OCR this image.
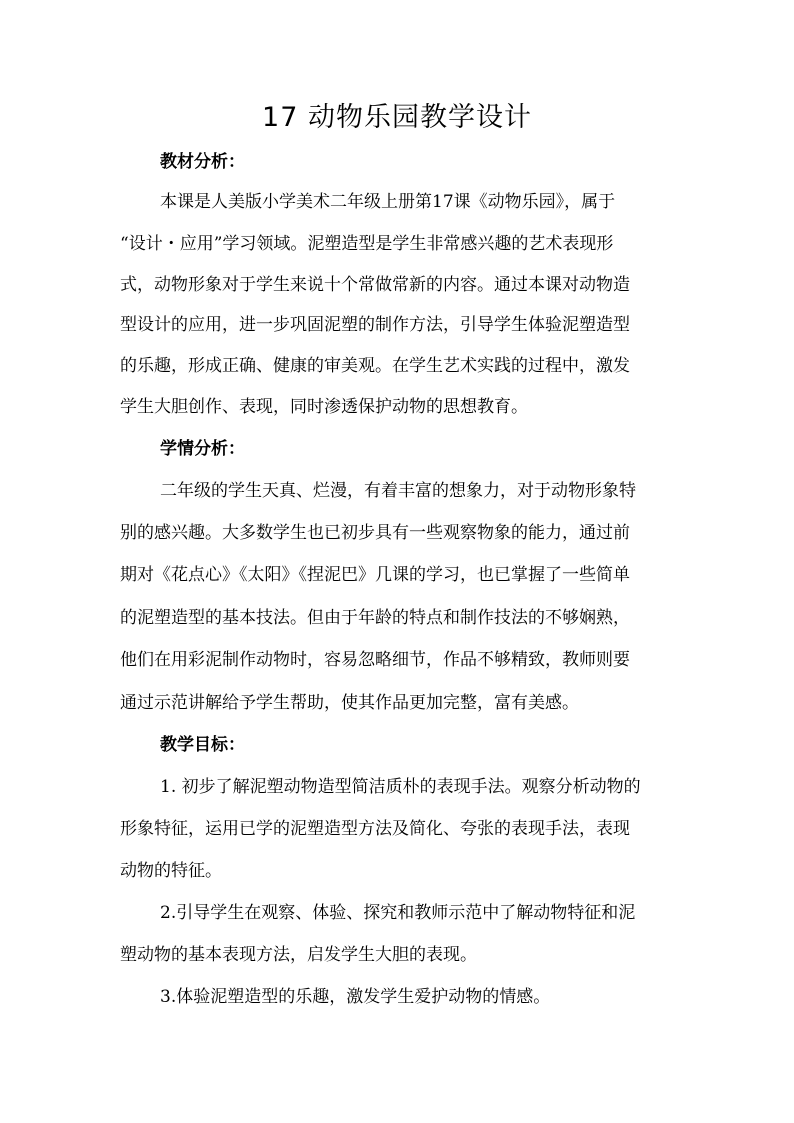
17 动物乐园教学设计
教材分析：
本课是人美版小学美术二年级上册第17课《动物乐园》，属于
“设计・应用”学习领域。泥塑造型是学生非常感兴趣的艺术表现形
式，动物形象对于学生来说十个常做常新的内容。通过本课对动物造
型设计的应用，进一步巩固泥塑的制作方法，引导学生体验泥塑造型
的乐趣，形成正确、健康的审美观。在学生艺术实践的过程中，激发
学生大胆创作、表现，同时渗透保护动物的思想教育。
学情分析：
二年级的学生天真、烂漫，有着丰富的想象力，对于动物形象特
别的感兴趣。大多数学生也已初步具有一些观察物象的能力，通过前
期对《花点心》《太阳》《捏泥巴》几课的学习，也已掌握了一些简单
的泥塑造型的基本技法。但由于年龄的特点和制作技法的不够娴熟，
他们在用彩泥制作动物时，容易忽略细节，作品不够精致，教师则要
通过示范讲解给予学生帮助，使其作品更加完整，富有美感。
教学目标：
1. 初步了解泥塑动物造型简洁质朴的表现手法。观察分析动物的
形象特征，运用已学的泥塑造型方法及简化、夸张的表现手法，表现
动物的特征。
2.引导学生在观察、体验、探究和教师示范中了解动物特征和泥
塑动物的基本表现方法，启发学生大胆的表现。
3.体验泥塑造型的乐趣，激发学生爱护动物的情感。
